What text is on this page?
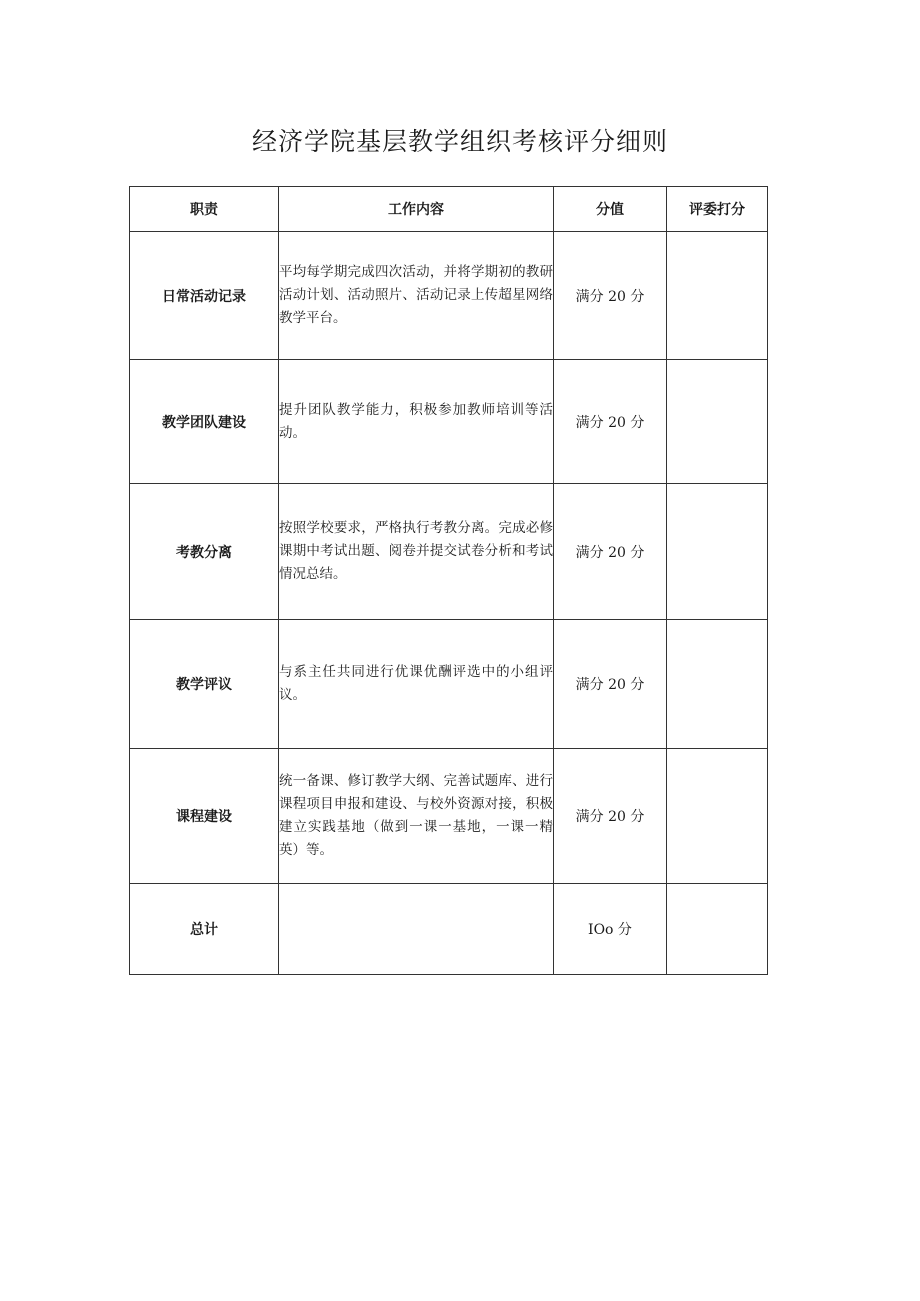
经济学院基层教学组织考核评分细则
职责	工作内容	分值	评委打分
日常活动记录	平均每学期完成四次活动，并将学期初的教研活动计划、活动照片、活动记录上传超星网络教学平台。	满分 20 分	
教学团队建设	提升团队教学能力，积极参加教师培训等活动。	满分 20 分	
考教分离	按照学校要求，严格执行考教分离。完成必修课期中考试出题、阅卷并提交试卷分析和考试情况总结。	满分 20 分	
教学评议	与系主任共同进行优课优酬评选中的小组评议。	满分 20 分	
课程建设	统一备课、修订教学大纲、完善试题库、进行课程项目申报和建设、与校外资源对接，积极建立实践基地（做到一课一基地，一课一精英）等。	满分 20 分	
总计		IOo 分	
